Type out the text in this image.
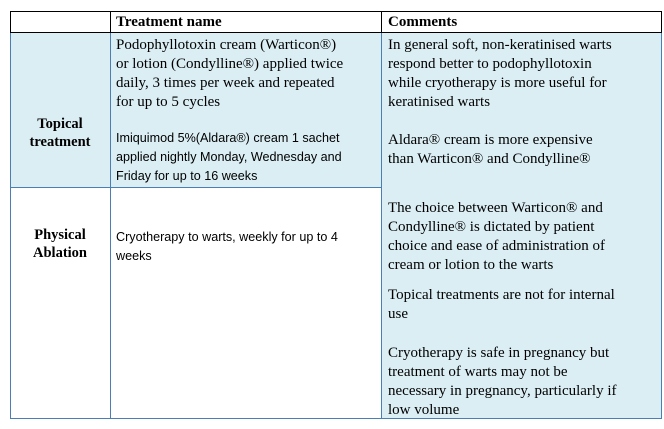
Treatment name	Comments

Topical

treatment

Physical

Ablation

Podophyllotoxin cream (Warticon®)

or lotion (Condylline®) applied twice

daily, 3 times per week and repeated

for up to 5 cycles

Imiquimod 5%(Aldara®) cream 1 sachet

applied nightly Monday, Wednesday and

Friday for up to 16 weeks

Cryotherapy to warts, weekly for up to 4

weeks

In general soft, non-keratinised warts

respond better to podophyllotoxin

while cryotherapy is more useful for

keratinised warts

Aldara® cream is more expensive

than Warticon® and Condylline®

The choice between Warticon® and

Condylline® is dictated by patient

choice and ease of administration of

cream or lotion to the warts

Topical treatments are not for internal

use

Cryotherapy is safe in pregnancy but

treatment of warts may not be

necessary in pregnancy, particularly if

low volume
